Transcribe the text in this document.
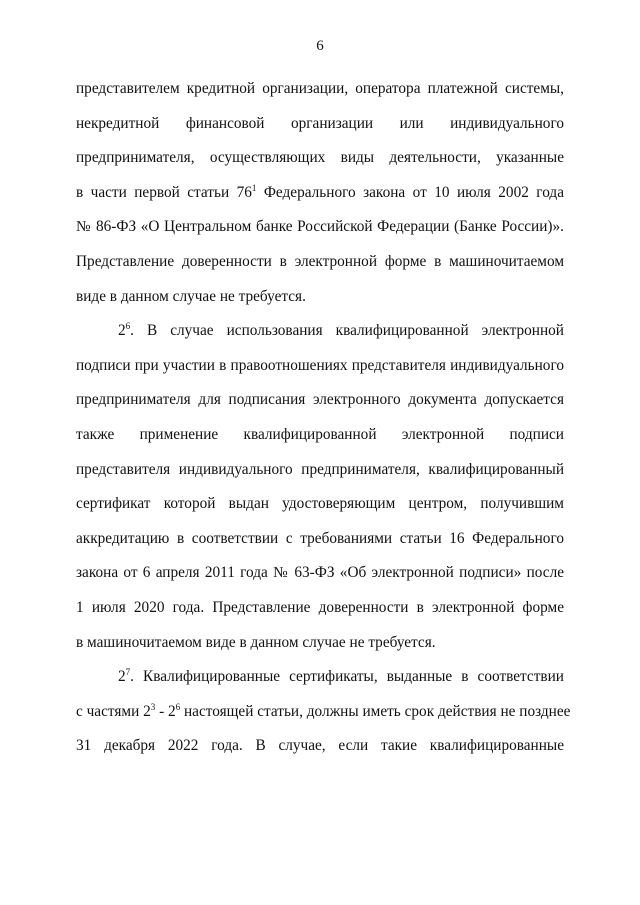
6
представителем кредитной организации, оператора платежной системы,
некредитной финансовой организации или индивидуального
предпринимателя, осуществляющих виды деятельности, указанные
в части первой статьи $76^1$ Федерального закона от 10 июля 2002 года
№ 86-ФЗ «О Центральном банке Российской Федерации (Банке России)».
Представление доверенности в электронной форме в машиночитаемом
виде в данном случае не требуется.
$2^6$. В случае использования квалифицированной электронной
подписи при участии в правоотношениях представителя индивидуального
предпринимателя для подписания электронного документа допускается
также применение квалифицированной электронной подписи
представителя индивидуального предпринимателя, квалифицированный
сертификат которой выдан удостоверяющим центром, получившим
аккредитацию в соответствии с требованиями статьи 16 Федерального
закона от 6 апреля 2011 года № 63-ФЗ «Об электронной подписи» после
1 июля 2020 года. Представление доверенности в электронной форме
в машиночитаемом виде в данном случае не требуется.
$2^7$. Квалифицированные сертификаты, выданные в соответствии
с частями $2^3 - 2^6$ настоящей статьи, должны иметь срок действия не позднее
31 декабря 2022 года. В случае, если такие квалифицированные
